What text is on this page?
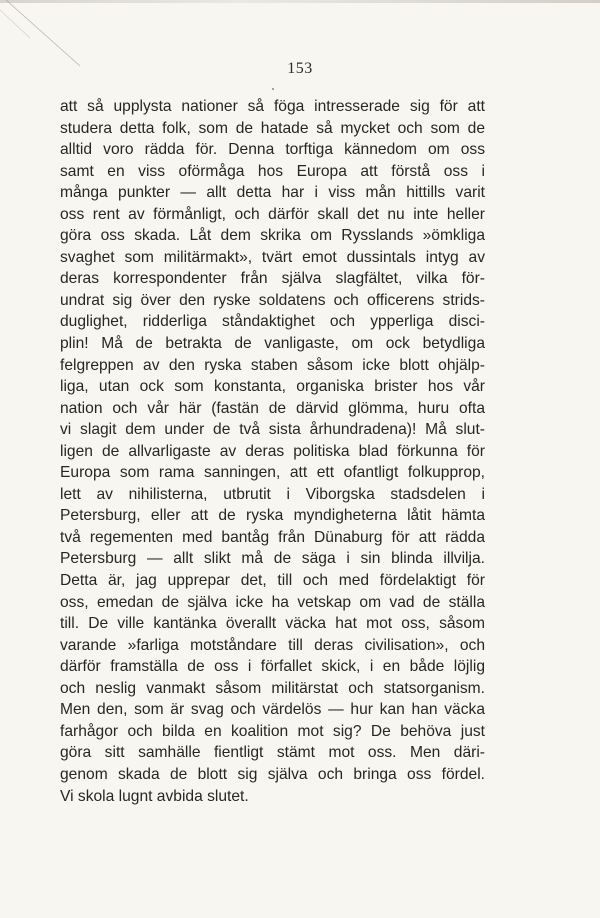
153
att så upplysta nationer så föga intresserade sig för att
studera detta folk, som de hatade så mycket och som de
alltid voro rädda för. Denna torftiga kännedom om oss
samt en viss oförmåga hos Europa att förstå oss i
många punkter — allt detta har i viss mån hittills varit
oss rent av förmånligt, och därför skall det nu inte heller
göra oss skada. Låt dem skrika om Rysslands »ömkliga
svaghet som militärmakt», tvärt emot dussintals intyg av
deras korrespondenter från själva slagfältet, vilka för-
undrat sig över den ryske soldatens och officerens strids-
duglighet, ridderliga ståndaktighet och ypperliga disci-
plin! Må de betrakta de vanligaste, om ock betydliga
felgreppen av den ryska staben såsom icke blott ohjälp-
liga, utan ock som konstanta, organiska brister hos vår
nation och vår här (fastän de därvid glömma, huru ofta
vi slagit dem under de två sista århundradena)! Må slut-
ligen de allvarligaste av deras politiska blad förkunna för
Europa som rama sanningen, att ett ofantligt folkupprор,
lett av nihilisterna, utbrutit i Viborgska stadsdelen i
Petersburg, eller att de ryska myndigheterna låtit hämta
två regementen med bantåg från Dünaburg för att rädda
Petersburg — allt slikt må de säga i sin blinda illvilja.
Detta är, jag upprepar det, till och med fördelaktigt för
oss, emedan de själva icke ha vetskap om vad de ställa
till. De ville kantänka överallt väcka hat mot oss, såsom
varande »farliga motståndare till deras civilisation», och
därför framställa de oss i förfallet skick, i en både löjlig
och neslig vanmakt såsom militärstat och statsorganism.
Men den, som är svag och värdelös — hur kan han väcka
farhågor och bilda en koalition mot sig? De behöva just
göra sitt samhälle fientligt stämt mot oss. Men däri-
genom skada de blott sig själva och bringa oss fördel.
Vi skola lugnt avbida slutet.
